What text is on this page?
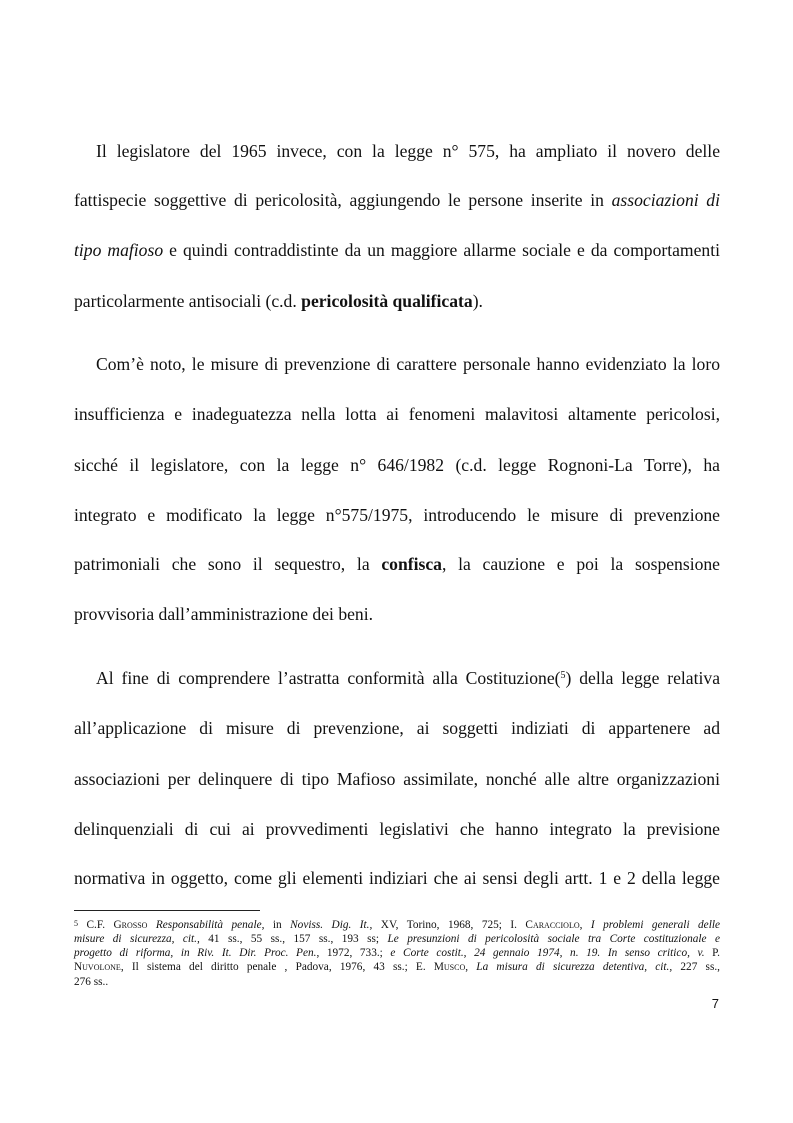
Il legislatore del 1965 invece, con la legge n° 575, ha ampliato il novero delle

fattispecie soggettive di pericolosità, aggiungendo le persone inserite in associazioni di

tipo mafioso e quindi contraddistinte da un maggiore allarme sociale e da comportamenti

particolarmente antisociali (c.d. pericolosità qualificata).

Com’è noto, le misure di prevenzione di carattere personale hanno evidenziato la loro

insufficienza e inadeguatezza nella lotta ai fenomeni malavitosi altamente pericolosi,

sicché il legislatore, con la legge n° 646/1982 (c.d. legge Rognoni-La Torre), ha

integrato e modificato la legge n°575/1975, introducendo le misure di prevenzione

patrimoniali che sono il sequestro, la confisca, la cauzione e poi la sospensione

provvisoria dall’amministrazione dei beni.

Al fine di comprendere l’astratta conformità alla Costituzione($^5$) della legge relativa

all’applicazione di misure di prevenzione, ai soggetti indiziati di appartenere ad

associazioni per delinquere di tipo Mafioso assimilate, nonché alle altre organizzazioni

delinquenziali di cui ai provvedimenti legislativi che hanno integrato la previsione

normativa in oggetto, come gli elementi indiziari che ai sensi degli artt. 1 e 2 della legge

$^5$ C.F. Grosso Responsabilità penale, in Noviss. Dig. It., XV, Torino, 1968, 725; I. Caracciolo, I problemi generali delle

misure di sicurezza, cit., 41 ss., 55 ss., 157 ss., 193 ss; Le presunzioni di pericolosità sociale tra Corte costituzionale e

progetto di riforma, in Riv. It. Dir. Proc. Pen., 1972, 733.; e Corte costit., 24 gennaio 1974, n. 19. In senso critico, v. P.

Nuvolone, Il sistema del diritto penale , Padova, 1976, 43 ss.; E. Musco, La misura di sicurezza detentiva, cit., 227 ss.,

276 ss..

7
